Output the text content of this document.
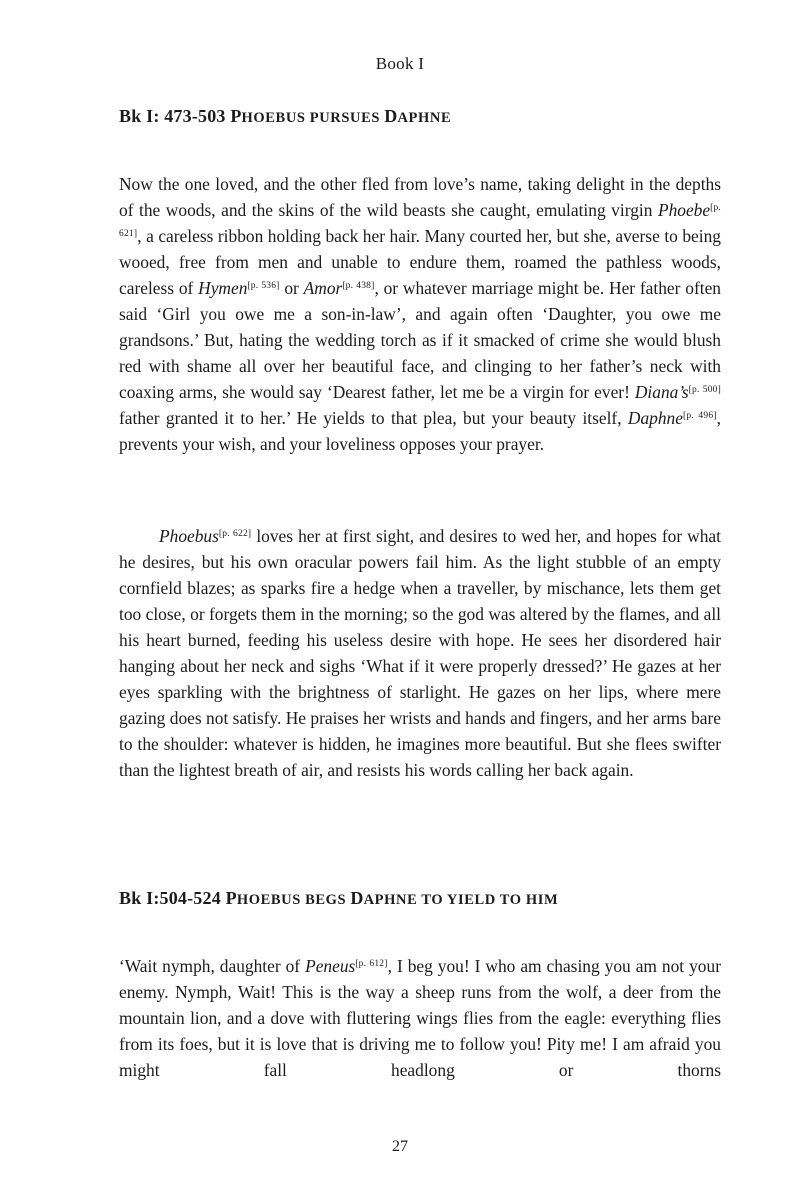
Book I
Bk I: 473-503 PHOEBUS PURSUES DAPHNE

Now the one loved, and the other fled from love’s name, taking delight in the depths of the woods, and the skins of the wild beasts she caught, emulating virgin Phoebe[p. 621], a careless ribbon holding back her hair. Many courted her, but she, averse to being wooed, free from men and unable to endure them, roamed the pathless woods, careless of Hymen[p. 536] or Amor[p. 438], or whatever marriage might be. Her father often said ‘Girl you owe me a son-in-law’, and again often ‘Daughter, you owe me grandsons.’ But, hating the wedding torch as if it smacked of crime she would blush red with shame all over her beautiful face, and clinging to her father’s neck with coaxing arms, she would say ‘Dearest father, let me be a virgin for ever! Diana’s[p. 500] father granted it to her.’ He yields to that plea, but your beauty itself, Daphne[p. 496], prevents your wish, and your loveliness opposes your prayer.

Phoebus[p. 622] loves her at first sight, and desires to wed her, and hopes for what he desires, but his own oracular powers fail him. As the light stubble of an empty cornfield blazes; as sparks fire a hedge when a traveller, by mischance, lets them get too close, or forgets them in the morning; so the god was altered by the flames, and all his heart burned, feeding his useless desire with hope. He sees her disordered hair hanging about her neck and sighs ‘What if it were properly dressed?’ He gazes at her eyes sparkling with the brightness of starlight. He gazes on her lips, where mere gazing does not satisfy. He praises her wrists and hands and fingers, and her arms bare to the shoulder: whatever is hidden, he imagines more beautiful. But she flees swifter than the lightest breath of air, and resists his words calling her back again.

Bk I:504-524 PHOEBUS BEGS DAPHNE TO YIELD TO HIM

‘Wait nymph, daughter of Peneus[p. 612], I beg you! I who am chasing you am not your enemy. Nymph, Wait! This is the way a sheep runs from the wolf, a deer from the mountain lion, and a dove with fluttering wings flies from the eagle: everything flies from its foes, but it is love that is driving me to follow you! Pity me! I am afraid you might fall headlong or thorns

27
